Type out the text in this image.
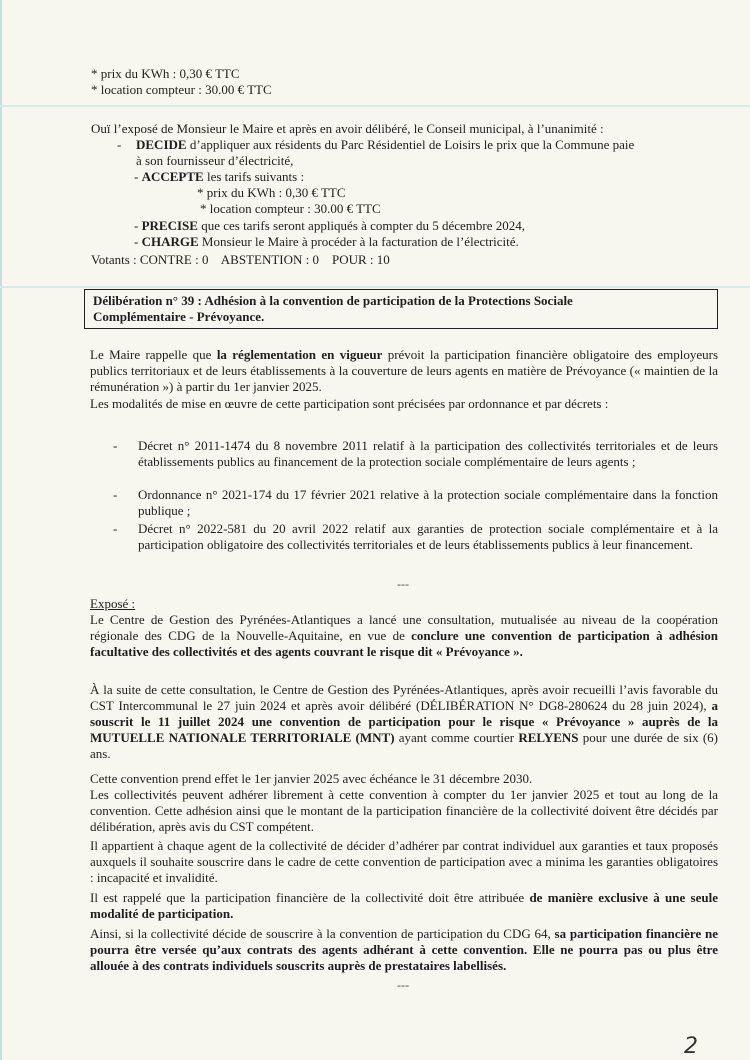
* prix du KWh : 0,30 € TTC
* location compteur : 30.00 € TTC
Ouï l’exposé de Monsieur le Maire et après en avoir délibéré, le Conseil municipal, à l’unanimité :
- DECIDE d’appliquer aux résidents du Parc Résidentiel de Loisirs le prix que la Commune paie
à son fournisseur d’électricité,
- ACCEPTE les tarifs suivants :
* prix du KWh : 0,30 € TTC
* location compteur : 30.00 € TTC
- PRECISE que ces tarifs seront appliqués à compter du 5 décembre 2024,
- CHARGE Monsieur le Maire à procéder à la facturation de l’électricité.
Votants : CONTRE : 0    ABSTENTION : 0    POUR : 10
Délibération n° 39 : Adhésion à la convention de participation de la Protections Sociale
Complémentaire - Prévoyance.
Le Maire rappelle que la réglementation en vigueur prévoit la participation financière obligatoire des employeurs publics territoriaux et de leurs établissements à la couverture de leurs agents en matière de Prévoyance (« maintien de la rémunération ») à partir du 1er janvier 2025.
Les modalités de mise en œuvre de cette participation sont précisées par ordonnance et par décrets :
- Décret n° 2011-1474 du 8 novembre 2011 relatif à la participation des collectivités territoriales et de leurs établissements publics au financement de la protection sociale complémentaire de leurs agents ;
- Ordonnance n° 2021-174 du 17 février 2021 relative à la protection sociale complémentaire dans la fonction publique ;
- Décret n° 2022-581 du 20 avril 2022 relatif aux garanties de protection sociale complémentaire et à la participation obligatoire des collectivités territoriales et de leurs établissements publics à leur financement.
---
Exposé :
Le Centre de Gestion des Pyrénées-Atlantiques a lancé une consultation, mutualisée au niveau de la coopération régionale des CDG de la Nouvelle-Aquitaine, en vue de conclure une convention de participation à adhésion facultative des collectivités et des agents couvrant le risque dit « Prévoyance ».
À la suite de cette consultation, le Centre de Gestion des Pyrénées-Atlantiques, après avoir recueilli l’avis favorable du CST Intercommunal le 27 juin 2024 et après avoir délibéré (DÉLIBÉRATION N° DG8-280624 du 28 juin 2024), a souscrit le 11 juillet 2024 une convention de participation pour le risque « Prévoyance » auprès de la MUTUELLE NATIONALE TERRITORIALE (MNT) ayant comme courtier RELYENS pour une durée de six (6) ans.
Cette convention prend effet le 1er janvier 2025 avec échéance le 31 décembre 2030.
Les collectivités peuvent adhérer librement à cette convention à compter du 1er janvier 2025 et tout au long de la convention. Cette adhésion ainsi que le montant de la participation financière de la collectivité doivent être décidés par délibération, après avis du CST compétent.
Il appartient à chaque agent de la collectivité de décider d’adhérer par contrat individuel aux garanties et taux proposés auxquels il souhaite souscrire dans le cadre de cette convention de participation avec a minima les garanties obligatoires : incapacité et invalidité.
Il est rappelé que la participation financière de la collectivité doit être attribuée de manière exclusive à une seule modalité de participation.
Ainsi, si la collectivité décide de souscrire à la convention de participation du CDG 64, sa participation financière ne pourra être versée qu’aux contrats des agents adhérant à cette convention. Elle ne pourra pas ou plus être allouée à des contrats individuels souscrits auprès de prestataires labellisés.
---
2
